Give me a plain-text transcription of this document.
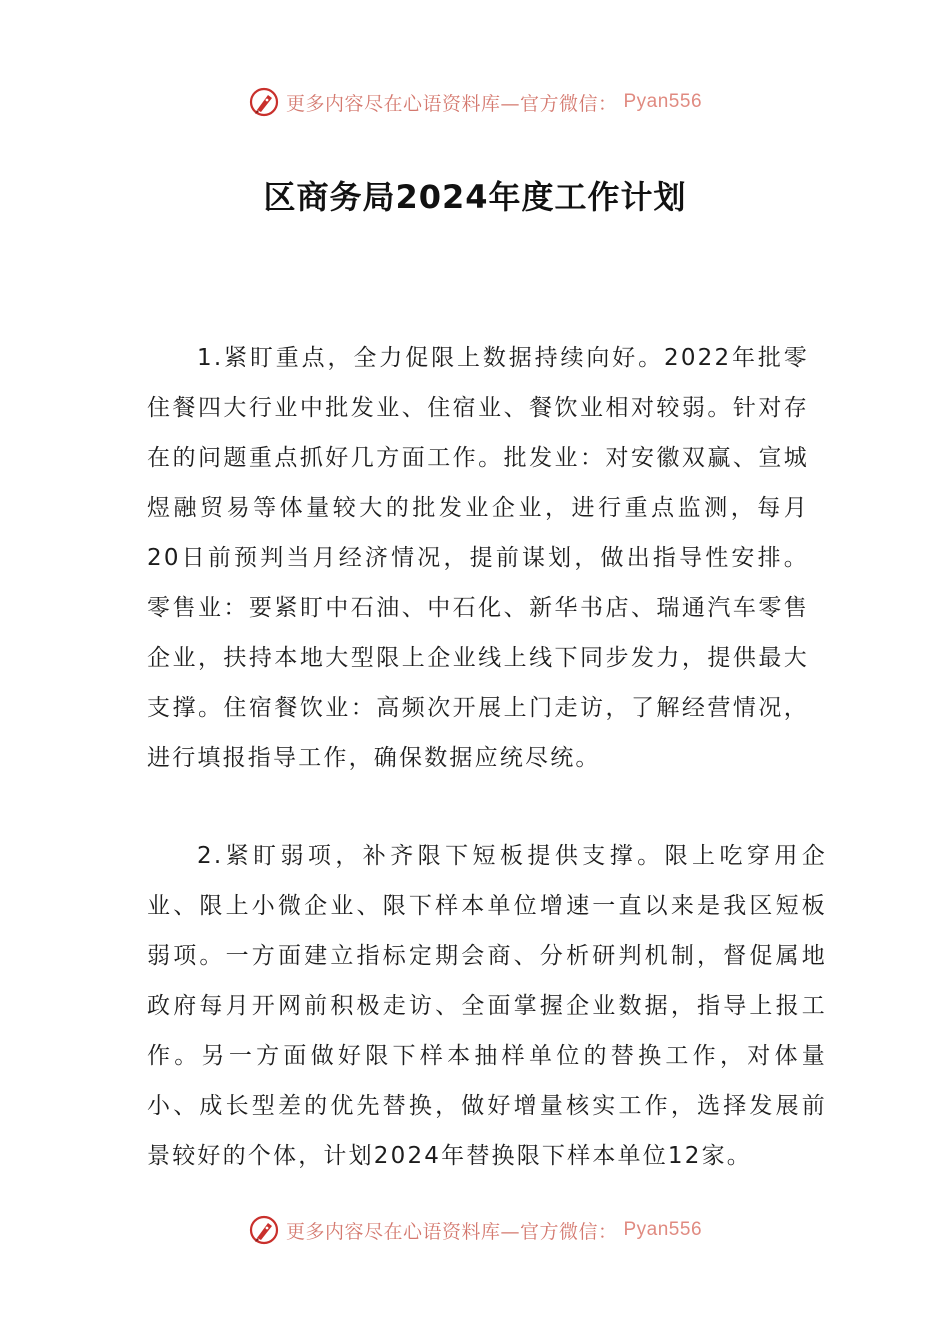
更多内容尽在心语资料库—官方微信： Pyan556
区商务局2024年度工作计划

1.紧盯重点，全力促限上数据持续向好。2022年批零住餐四大行业中批发业、住宿业、餐饮业相对较弱。针对存在的问题重点抓好几方面工作。批发业：对安徽双赢、宣城煜融贸易等体量较大的批发业企业，进行重点监测，每月20日前预判当月经济情况，提前谋划，做出指导性安排。零售业：要紧盯中石油、中石化、新华书店、瑞通汽车零售企业，扶持本地大型限上企业线上线下同步发力，提供最大支撑。住宿餐饮业：高频次开展上门走访，了解经营情况，进行填报指导工作，确保数据应统尽统。

2.紧盯弱项，补齐限下短板提供支撑。限上吃穿用企业、限上小微企业、限下样本单位增速一直以来是我区短板弱项。一方面建立指标定期会商、分析研判机制，督促属地政府每月开网前积极走访、全面掌握企业数据，指导上报工作。另一方面做好限下样本抽样单位的替换工作，对体量小、成长型差的优先替换，做好增量核实工作，选择发展前景较好的个体，计划2024年替换限下样本单位12家。

更多内容尽在心语资料库—官方微信： Pyan556
